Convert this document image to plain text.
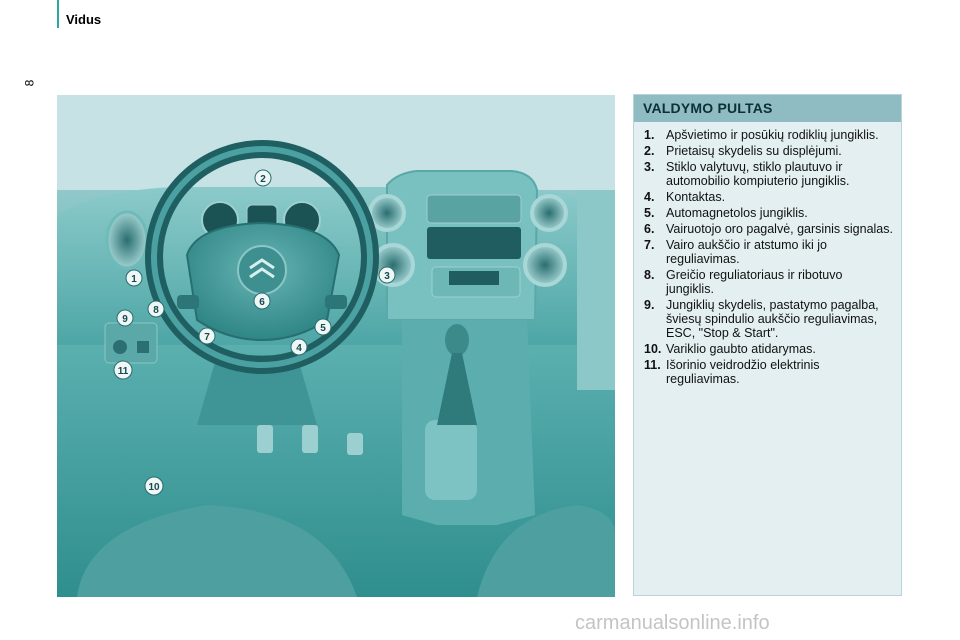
Vidus
8
1
2
3
4
5
6
7
8
9
10
11
VALDYMO PULTAS
1. Apšvietimo ir posūkių rodiklių jungiklis.
2. Prietaisų skydelis su displėjumi.
3. Stiklo valytuvų, stiklo plautuvo ir automobilio kompiuterio jungiklis.
4. Kontaktas.
5. Automagnetolos jungiklis.
6. Vairuotojo oro pagalvė, garsinis signalas.
7. Vairo aukščio ir atstumo iki jo reguliavimas.
8. Greičio reguliatoriaus ir ribotuvo jungiklis.
9. Jungiklių skydelis, pastatymo pagalba, šviesų spindulio aukščio reguliavimas, ESC, "Stop & Start".
10. Variklio gaubto atidarymas.
11. Išorinio veidrodžio elektrinis reguliavimas.
carmanualsonline.info
